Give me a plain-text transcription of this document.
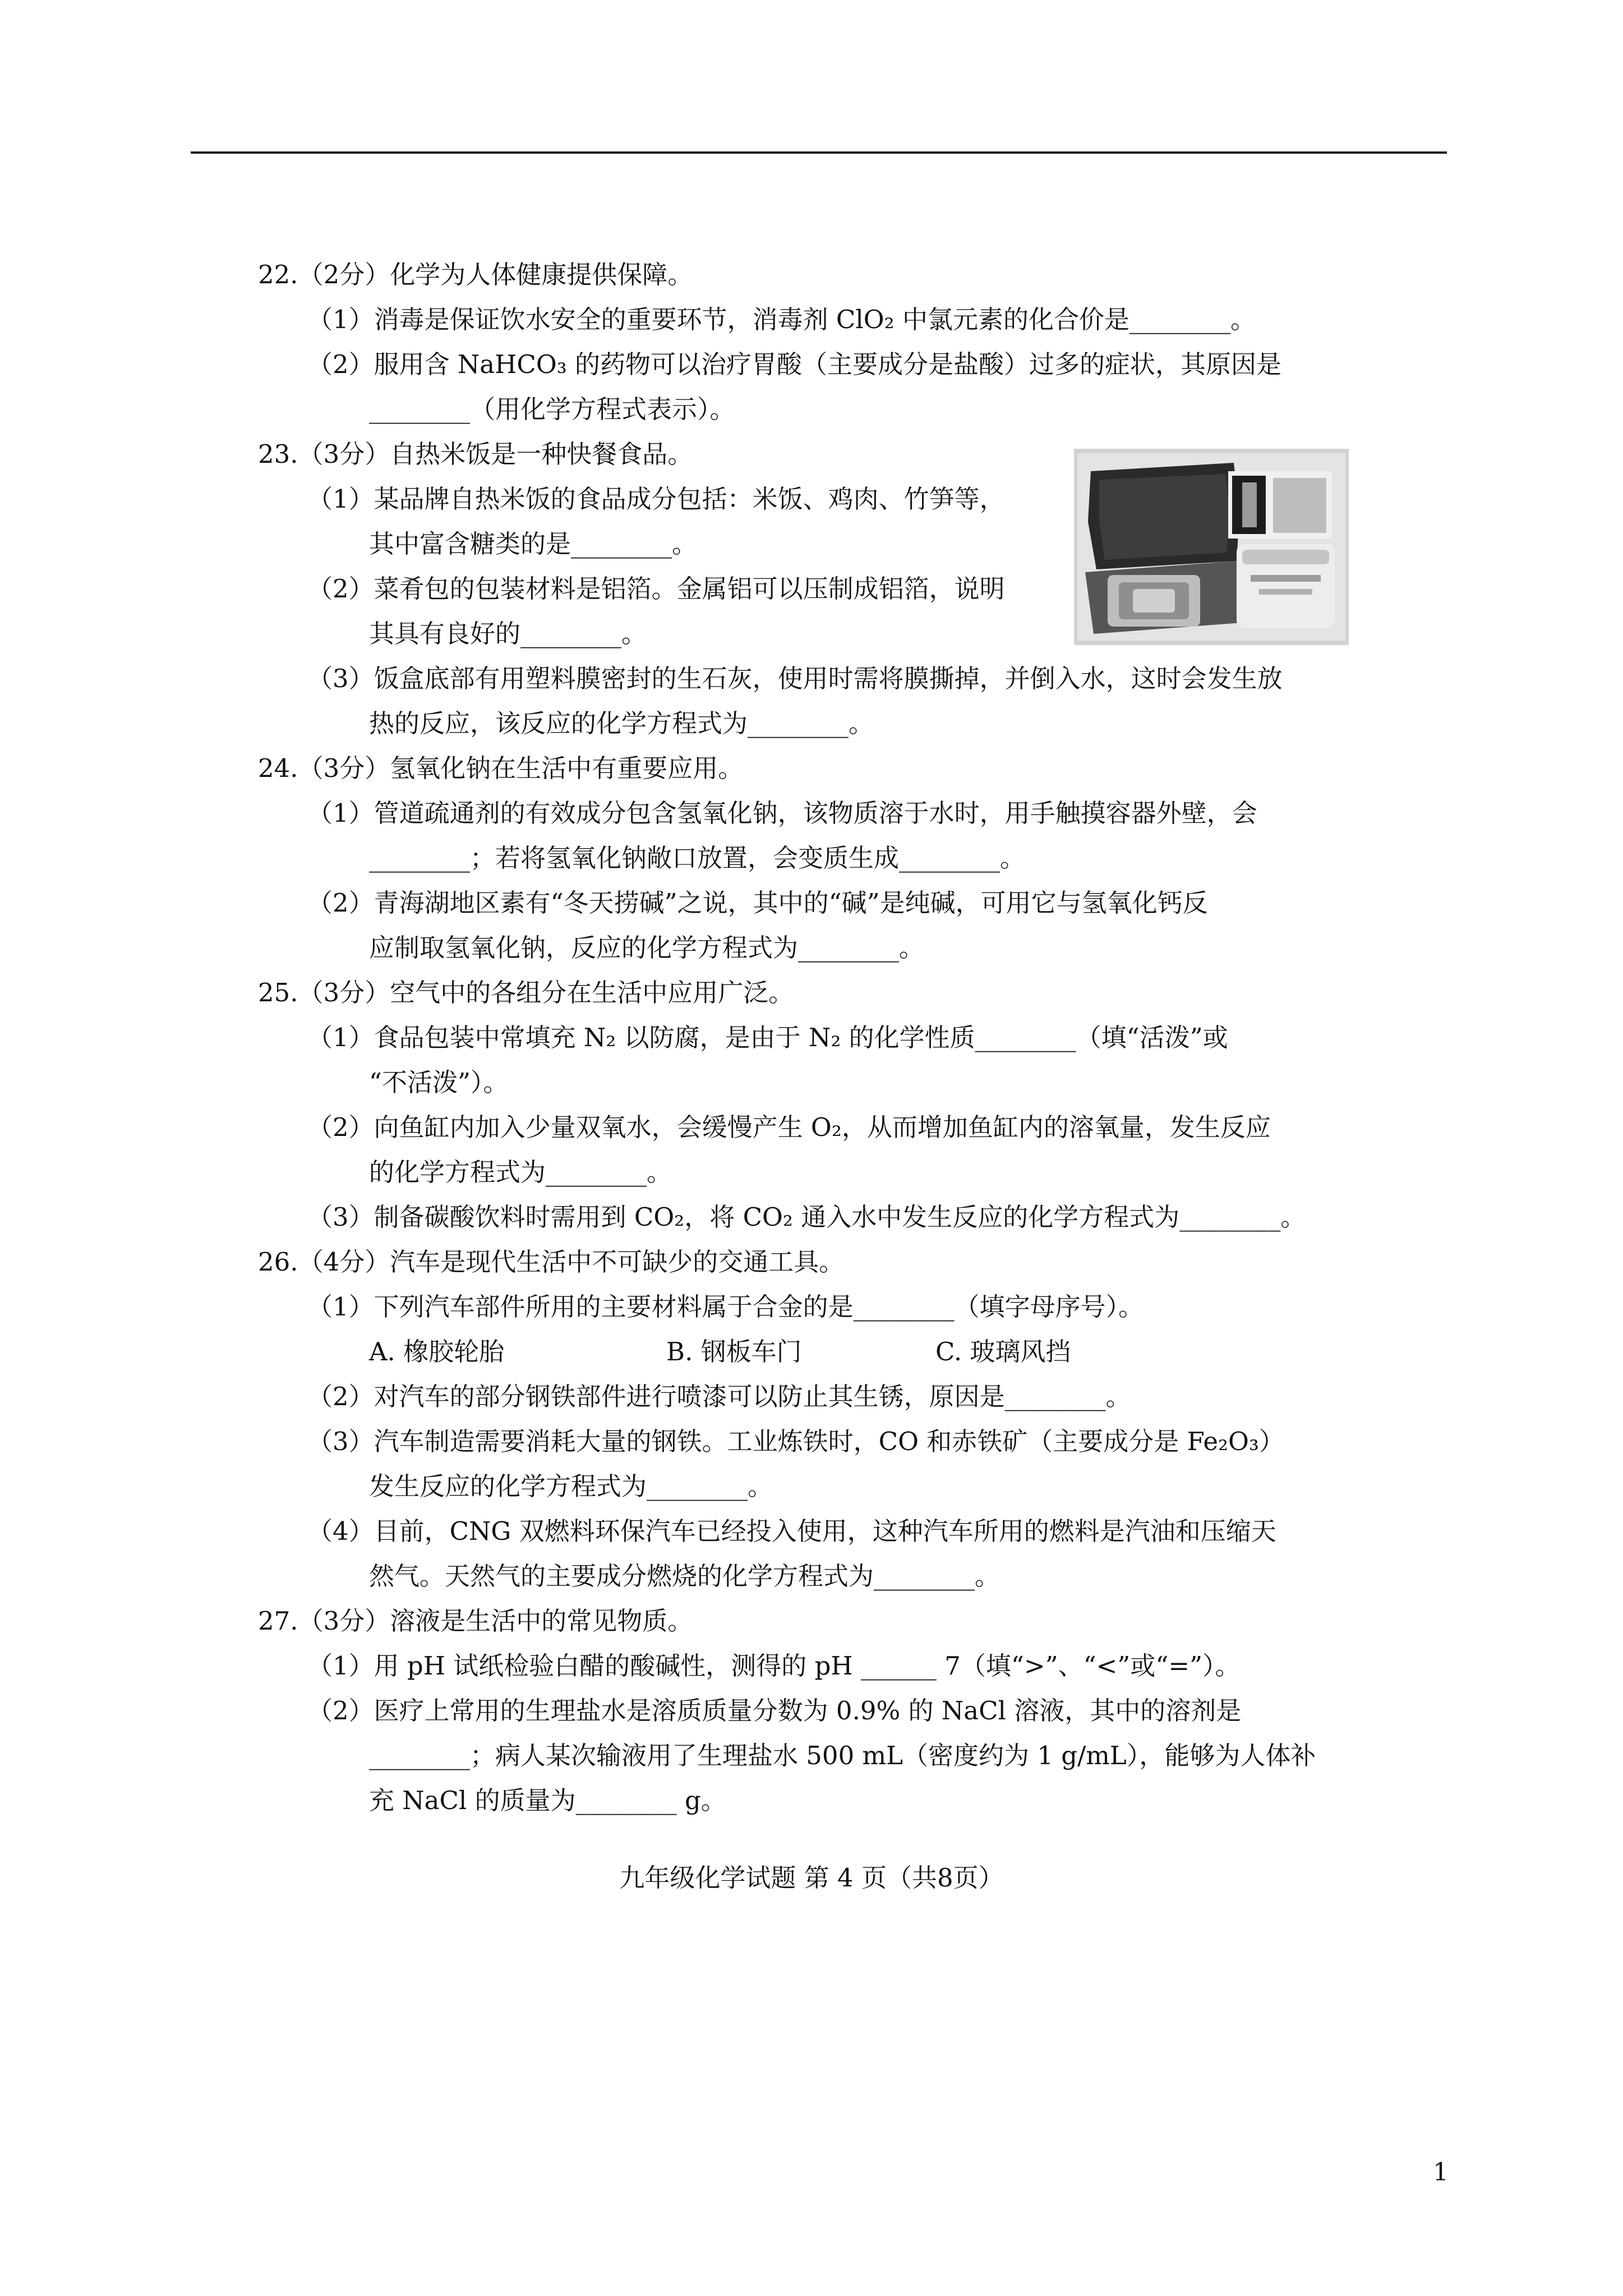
22.（2分）化学为人体健康提供保障。
（1）消毒是保证饮水安全的重要环节，消毒剂 ClO₂ 中氯元素的化合价是________。
（2）服用含 NaHCO₃ 的药物可以治疗胃酸（主要成分是盐酸）过多的症状，其原因是
________（用化学方程式表示）。
23.（3分）自热米饭是一种快餐食品。
（1）某品牌自热米饭的食品成分包括：米饭、鸡肉、竹笋等，
其中富含糖类的是________。
（2）菜肴包的包装材料是铝箔。金属铝可以压制成铝箔，说明
其具有良好的________。
（3）饭盒底部有用塑料膜密封的生石灰，使用时需将膜撕掉，并倒入水，这时会发生放
热的反应，该反应的化学方程式为________。
24.（3分）氢氧化钠在生活中有重要应用。
（1）管道疏通剂的有效成分包含氢氧化钠，该物质溶于水时，用手触摸容器外壁，会
________；若将氢氧化钠敞口放置，会变质生成________。
（2）青海湖地区素有“冬天捞碱”之说，其中的“碱”是纯碱，可用它与氢氧化钙反
应制取氢氧化钠，反应的化学方程式为________。
25.（3分）空气中的各组分在生活中应用广泛。
（1）食品包装中常填充 N₂ 以防腐，是由于 N₂ 的化学性质________（填“活泼”或
“不活泼”）。
（2）向鱼缸内加入少量双氧水，会缓慢产生 O₂，从而增加鱼缸内的溶氧量，发生反应
的化学方程式为________。
（3）制备碳酸饮料时需用到 CO₂，将 CO₂ 通入水中发生反应的化学方程式为________。
26.（4分）汽车是现代生活中不可缺少的交通工具。
（1）下列汽车部件所用的主要材料属于合金的是________（填字母序号）。
A. 橡胶轮胎	B. 钢板车门	C. 玻璃风挡
（2）对汽车的部分钢铁部件进行喷漆可以防止其生锈，原因是________。
（3）汽车制造需要消耗大量的钢铁。工业炼铁时，CO 和赤铁矿（主要成分是 Fe₂O₃）
发生反应的化学方程式为________。
（4）目前，CNG 双燃料环保汽车已经投入使用，这种汽车所用的燃料是汽油和压缩天
然气。天然气的主要成分燃烧的化学方程式为________。
27.（3分）溶液是生活中的常见物质。
（1）用 pH 试纸检验白醋的酸碱性，测得的 pH ______ 7（填“>”、“<”或“=”）。
（2）医疗上常用的生理盐水是溶质质量分数为 0.9% 的 NaCl 溶液，其中的溶剂是
________；病人某次输液用了生理盐水 500 mL（密度约为 1 g/mL），能够为人体补
充 NaCl 的质量为________ g。
九年级化学试题 第 4 页（共8页）
1
